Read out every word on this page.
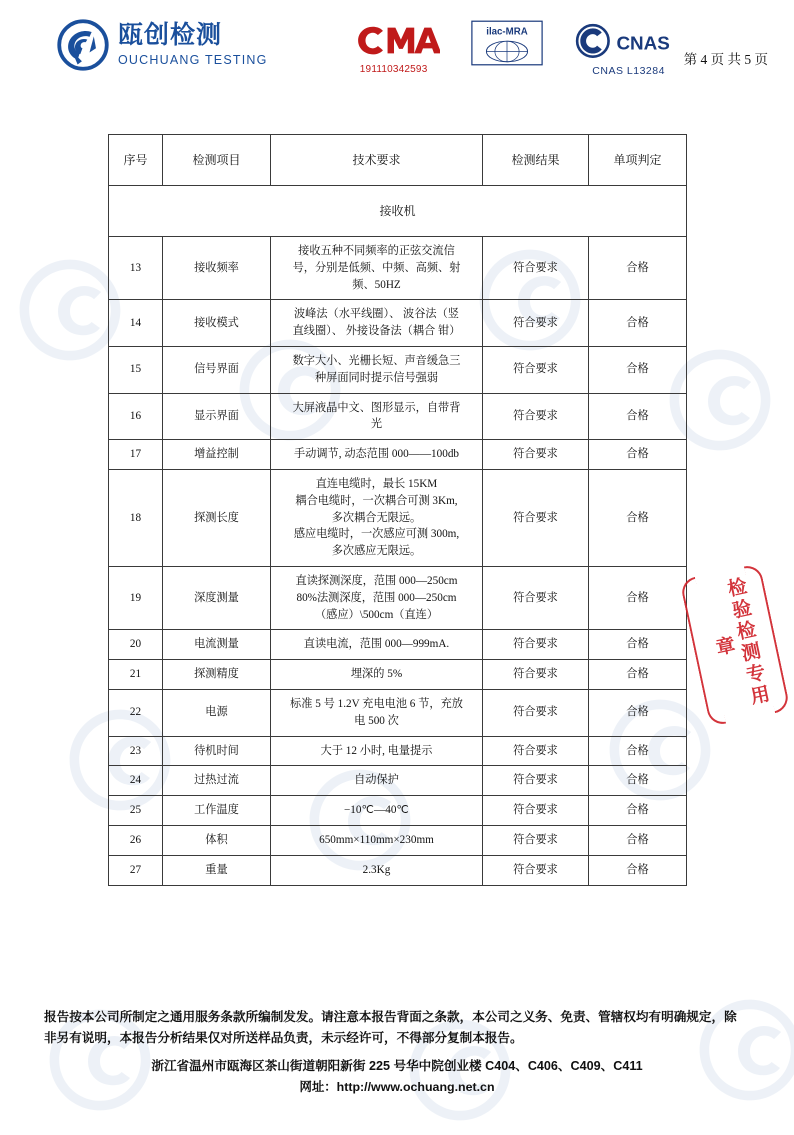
瓯创检测
OUCHUANG TESTING
191110342593
ilac-MRA
CNAS
CNAS L13284
第 4 页 共 5 页
序号	检测项目	技术要求	检测结果	单项判定
接收机				
13	接收频率	接收五种不同频率的正弦交流信
号，分别是低频、中频、高频、射
频、50HZ	符合要求	合格
14	接收模式	波峰法（水平线圈）、 波谷法（竖
直线圈）、 外接设备法（耦合 钳）	符合要求	合格
15	信号界面	数字大小、光栅长短、声音缓急三
种屏面同时提示信号强弱	符合要求	合格
16	显示界面	大屏液晶中文、图形显示，自带背
光	符合要求	合格
17	增益控制	手动调节, 动态范围 000——100db	符合要求	合格
18	探测长度	直连电缆时，最长 15KM
耦合电缆时，一次耦合可测 3Km,
多次耦合无限远。
感应电缆时，一次感应可测 300m,
多次感应无限远。	符合要求	合格
19	深度测量	直读探测深度，范围 000—250cm
80%法测深度，范围 000—250cm
（感应）\500cm（直连）	符合要求	合格
20	电流测量	直读电流，范围 000—999mA.	符合要求	合格
21	探测精度	埋深的 5%	符合要求	合格
22	电源	标准 5 号 1.2V 充电电池 6 节，充放
电 500 次	符合要求	合格
23	待机时间	大于 12 小时, 电量提示	符合要求	合格
24	过热过流	自动保护	符合要求	合格
25	工作温度	−10℃—40℃	符合要求	合格
26	体积	650mm×110mm×230mm	符合要求	合格
27	重量	2.3Kg	符合要求	合格
检验检测专用章

报告按本公司所制定之通用服务条款所编制发发。请注意本报告背面之条款，本公司之义务、免责、管辖权均有明确规定，除

非另有说明，本报告分析结果仅对所送样品负责，未示经许可，不得部分复制本报告。

浙江省温州市瓯海区茶山街道朝阳新街 225 号华中院创业楼 C404、C406、C409、C411
网址：http://www.ochuang.net.cn
